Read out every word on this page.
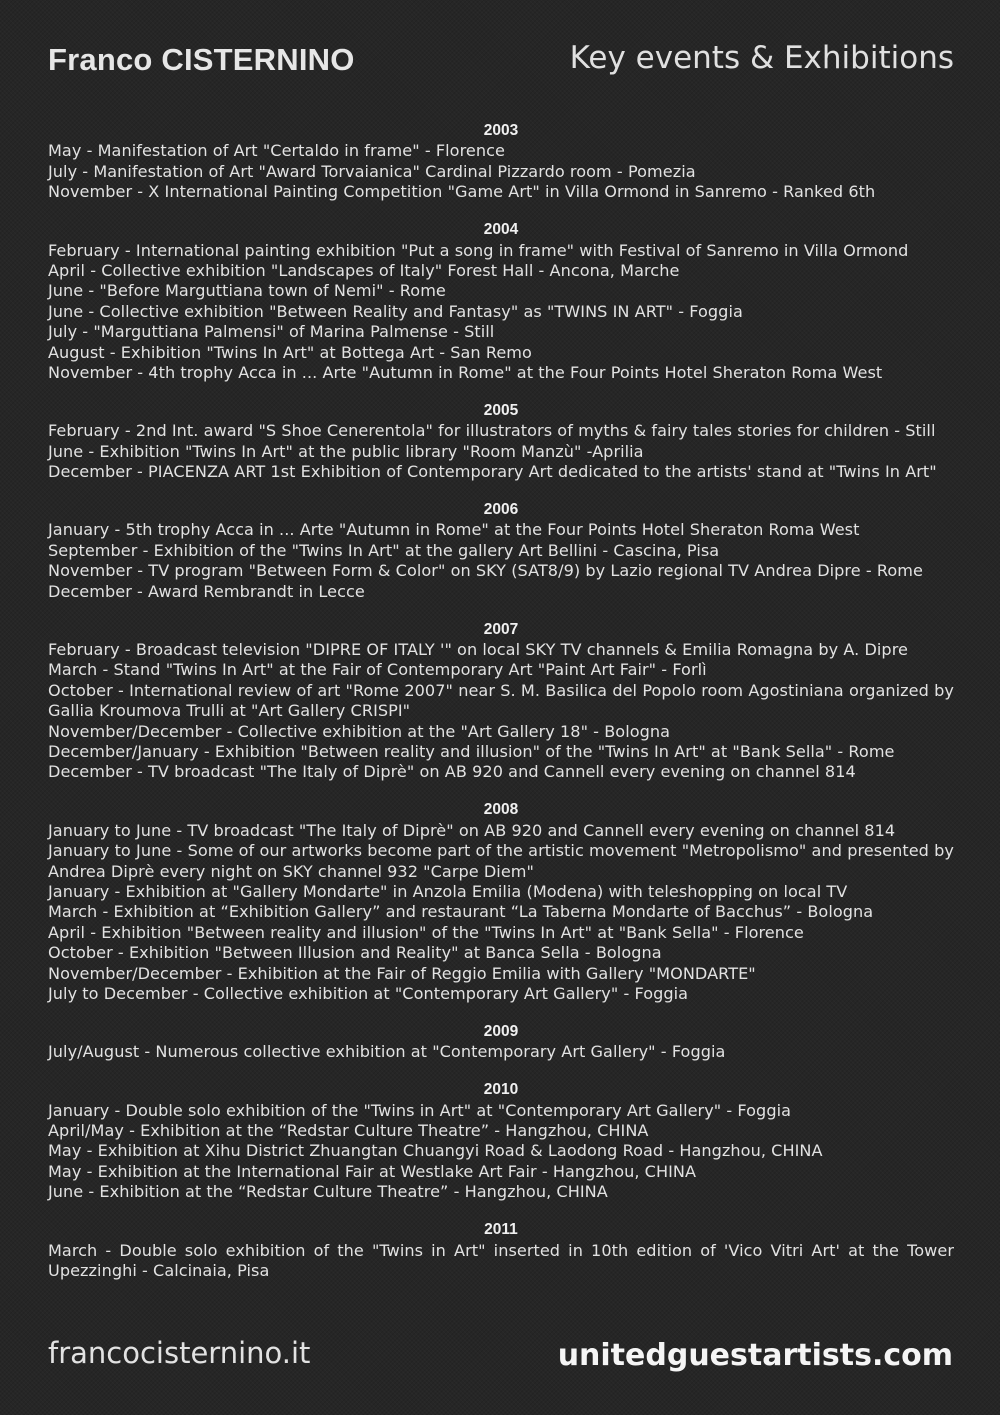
Franco CISTERNINO	Key events & Exhibitions
2003
May - Manifestation of Art "Certaldo in frame" - Florence
July - Manifestation of Art "Award Torvaianica" Cardinal Pizzardo room - Pomezia
November - X International Painting Competition "Game Art" in Villa Ormond in Sanremo - Ranked 6th
2004
February - International painting exhibition "Put a song in frame" with Festival of Sanremo in Villa Ormond
April - Collective exhibition "Landscapes of Italy" Forest Hall - Ancona, Marche
June - "Before Marguttiana town of Nemi" - Rome
June - Collective exhibition "Between Reality and Fantasy" as "TWINS IN ART" - Foggia
July - "Marguttiana Palmensi" of Marina Palmense - Still
August - Exhibition "Twins In Art" at Bottega Art - San Remo
November - 4th trophy Acca in ... Arte "Autumn in Rome" at the Four Points Hotel Sheraton Roma West
2005
February - 2nd Int. award "S Shoe Cenerentola" for illustrators of myths & fairy tales stories for children - Still
June - Exhibition "Twins In Art" at the public library "Room Manzù" -Aprilia
December - PIACENZA ART 1st Exhibition of Contemporary Art dedicated to the artists' stand at "Twins In Art"
2006
January - 5th trophy Acca in ... Arte "Autumn in Rome" at the Four Points Hotel Sheraton Roma West
September - Exhibition of the "Twins In Art" at the gallery Art Bellini - Cascina, Pisa
November - TV program "Between Form & Color" on SKY (SAT8/9) by Lazio regional TV Andrea Dipre - Rome
December - Award Rembrandt in Lecce
2007
February - Broadcast television "DIPRE OF ITALY '" on local SKY TV channels & Emilia Romagna by A. Dipre
March - Stand "Twins In Art" at the Fair of Contemporary Art "Paint Art Fair" - Forlì
October - International review of art "Rome 2007" near S. M. Basilica del Popolo room Agostiniana organized by Gallia Kroumova Trulli at "Art Gallery CRISPI"
November/December - Collective exhibition at the "Art Gallery 18" - Bologna
December/January - Exhibition "Between reality and illusion" of the "Twins In Art" at "Bank Sella" - Rome
December - TV broadcast "The Italy of Diprè" on AB 920 and Cannell every evening on channel 814
2008
January to June - TV broadcast "The Italy of Diprè" on AB 920 and Cannell every evening on channel 814
January to June - Some of our artworks become part of the artistic movement "Metropolismo" and presented by Andrea Diprè every night on SKY channel 932 "Carpe Diem"
January - Exhibition at "Gallery Mondarte" in Anzola Emilia (Modena) with teleshopping on local TV
March - Exhibition at “Exhibition Gallery” and restaurant “La Taberna Mondarte of Bacchus” - Bologna
April - Exhibition "Between reality and illusion" of the "Twins In Art" at "Bank Sella" - Florence
October - Exhibition "Between Illusion and Reality" at Banca Sella - Bologna
November/December - Exhibition at the Fair of Reggio Emilia with Gallery "MONDARTE"
July to December - Collective exhibition at "Contemporary Art Gallery" - Foggia
2009
July/August - Numerous collective exhibition at "Contemporary Art Gallery" - Foggia
2010
January - Double solo exhibition of the "Twins in Art" at "Contemporary Art Gallery" - Foggia
April/May - Exhibition at the “Redstar Culture Theatre” - Hangzhou, CHINA
May - Exhibition at Xihu District Zhuangtan Chuangyi Road & Laodong Road - Hangzhou, CHINA
May - Exhibition at the International Fair at Westlake Art Fair - Hangzhou, CHINA
June - Exhibition at the “Redstar Culture Theatre” - Hangzhou, CHINA
2011
March - Double solo exhibition of the "Twins in Art" inserted in 10th edition of 'Vico Vitri Art' at the Tower Upezzinghi - Calcinaia, Pisa
francocisternino.it	unitedguestartists.com
